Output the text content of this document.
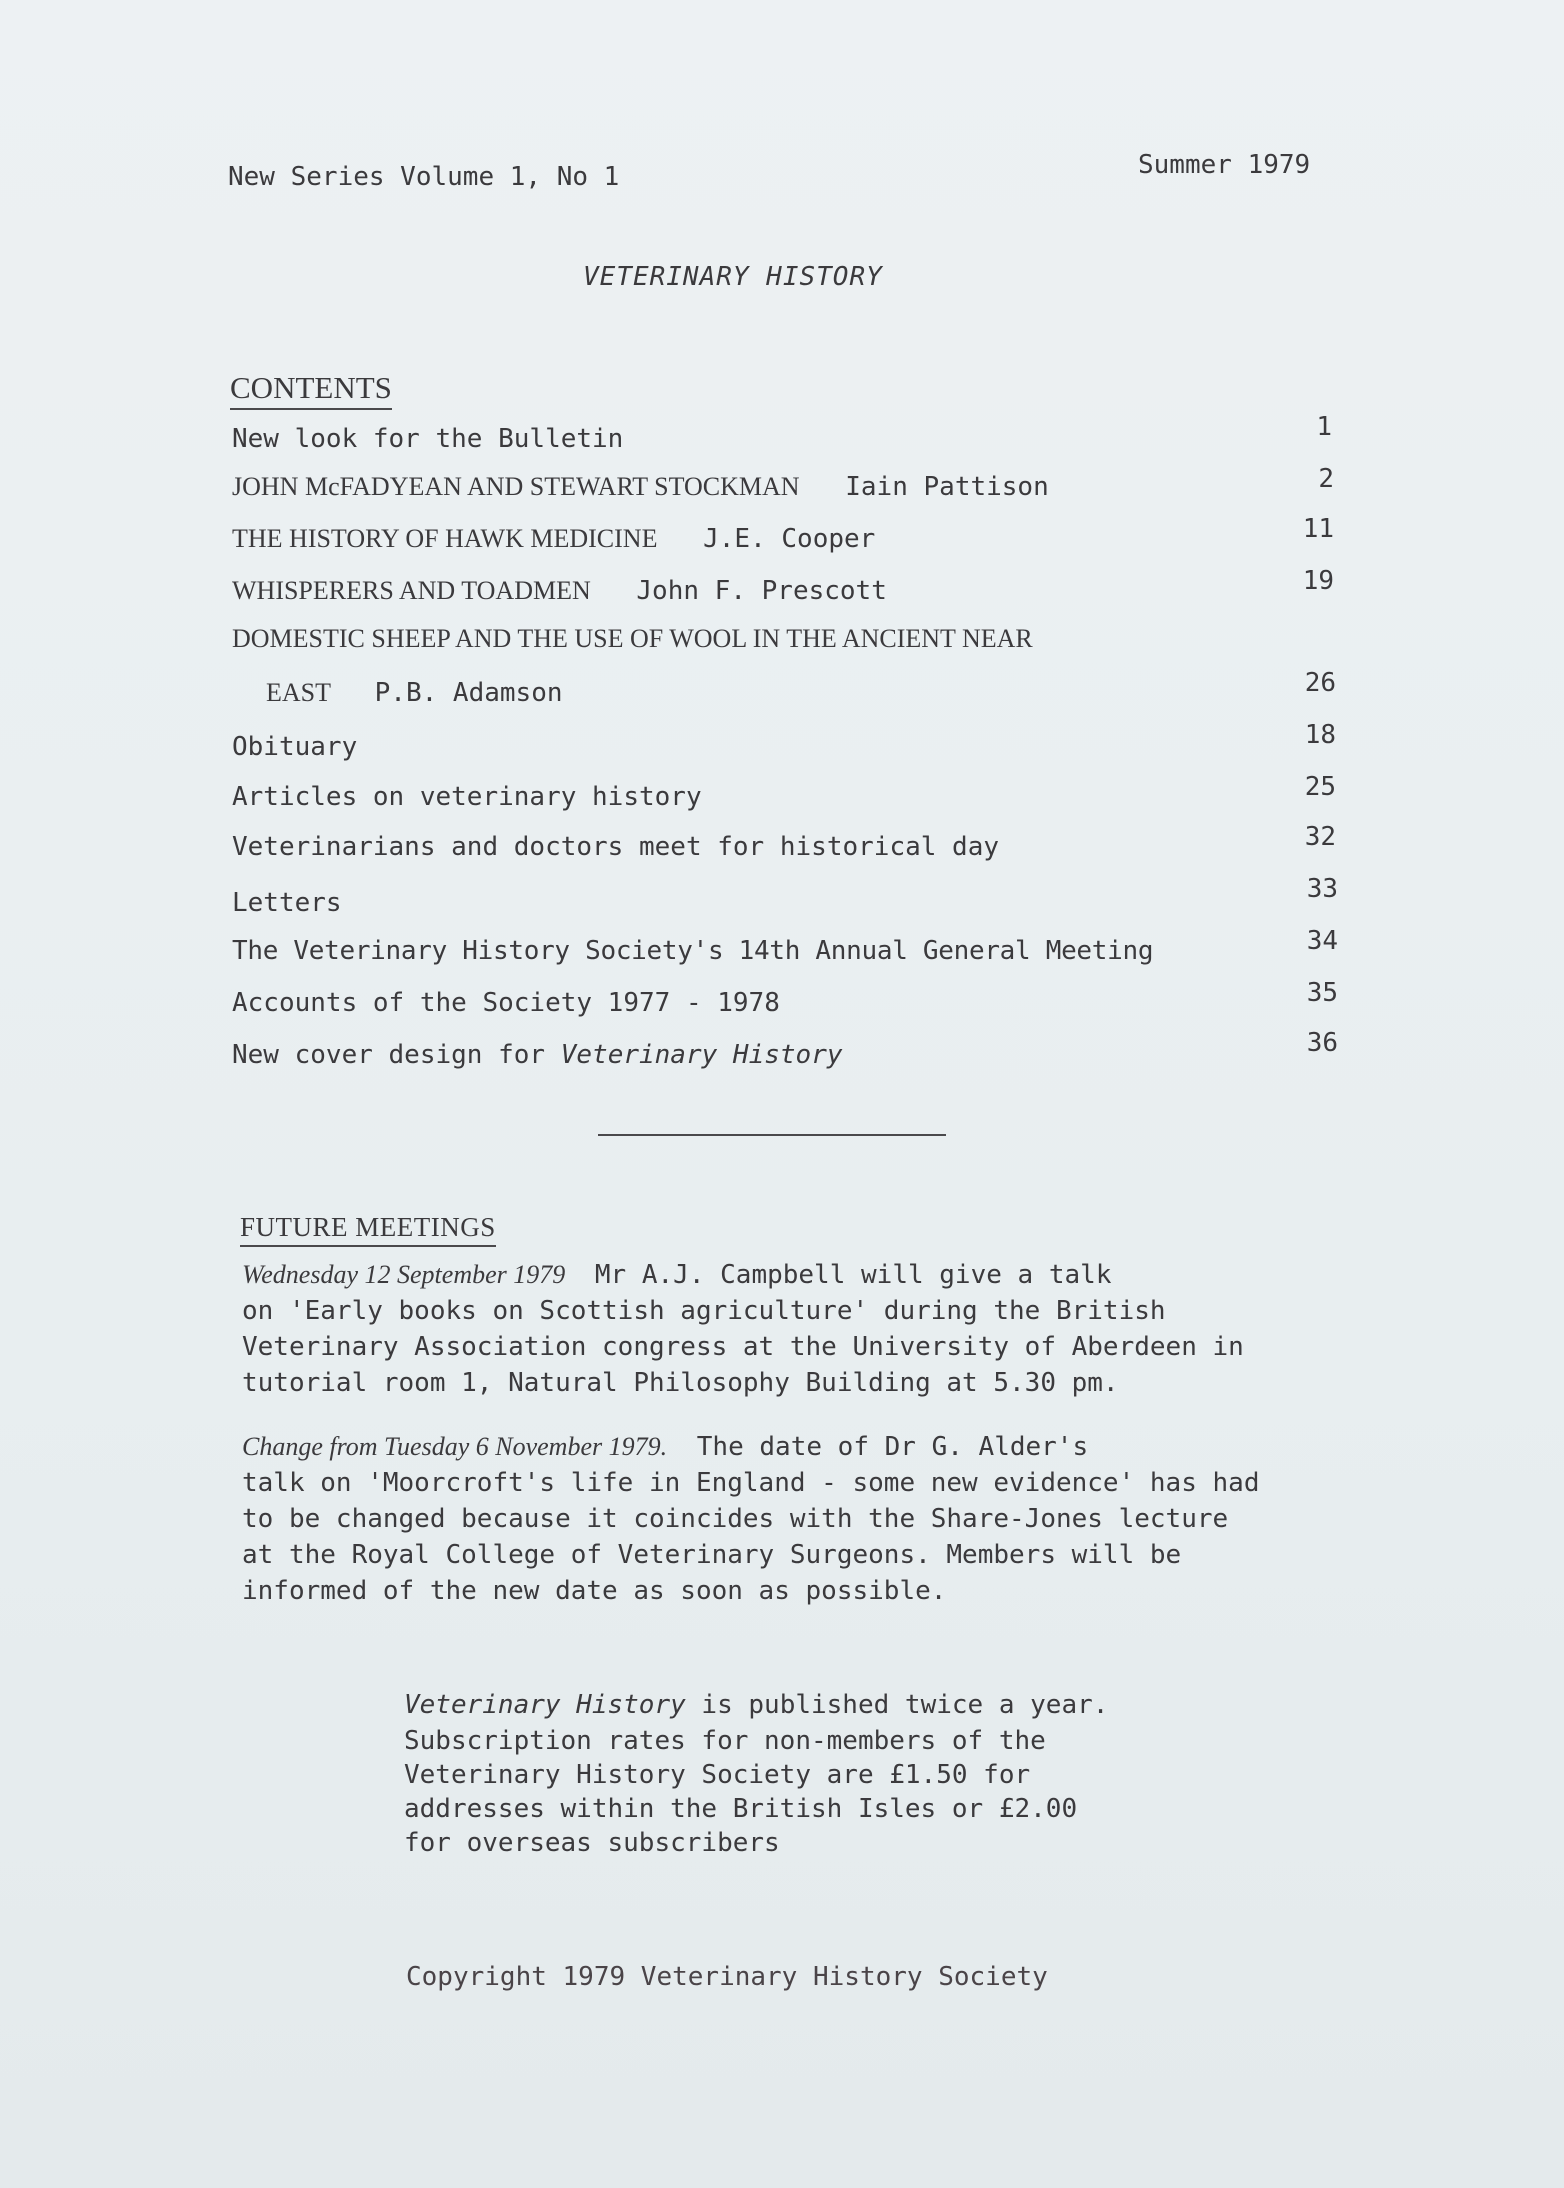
New Series Volume 1, No 1	Summer 1979
VETERINARY HISTORY
CONTENTS
New look for the Bulletin	1
JOHN McFADYEAN AND STEWART STOCKMAN Iain Pattison	2
THE HISTORY OF HAWK MEDICINE J.E. Cooper	11
WHISPERERS AND TOADMEN John F. Prescott	19
DOMESTIC SHEEP AND THE USE OF WOOL IN THE ANCIENT NEAR
EAST P.B. Adamson	26
Obituary	18
Articles on veterinary history	25
Veterinarians and doctors meet for historical day	32
Letters	33
The Veterinary History Society's 14th Annual General Meeting	34
Accounts of the Society 1977 - 1978	35
New cover design for Veterinary History	36
FUTURE MEETINGS
Wednesday 12 September 1979 Mr A.J. Campbell will give a talk
on 'Early books on Scottish agriculture' during the British
Veterinary Association congress at the University of Aberdeen in
tutorial room 1, Natural Philosophy Building at 5.30 pm.
Change from Tuesday 6 November 1979. The date of Dr G. Alder's
talk on 'Moorcroft's life in England - some new evidence' has had
to be changed because it coincides with the Share-Jones lecture
at the Royal College of Veterinary Surgeons. Members will be
informed of the new date as soon as possible.
Veterinary History is published twice a year.
Subscription rates for non-members of the
Veterinary History Society are £1.50 for
addresses within the British Isles or £2.00
for overseas subscribers
Copyright 1979 Veterinary History Society
